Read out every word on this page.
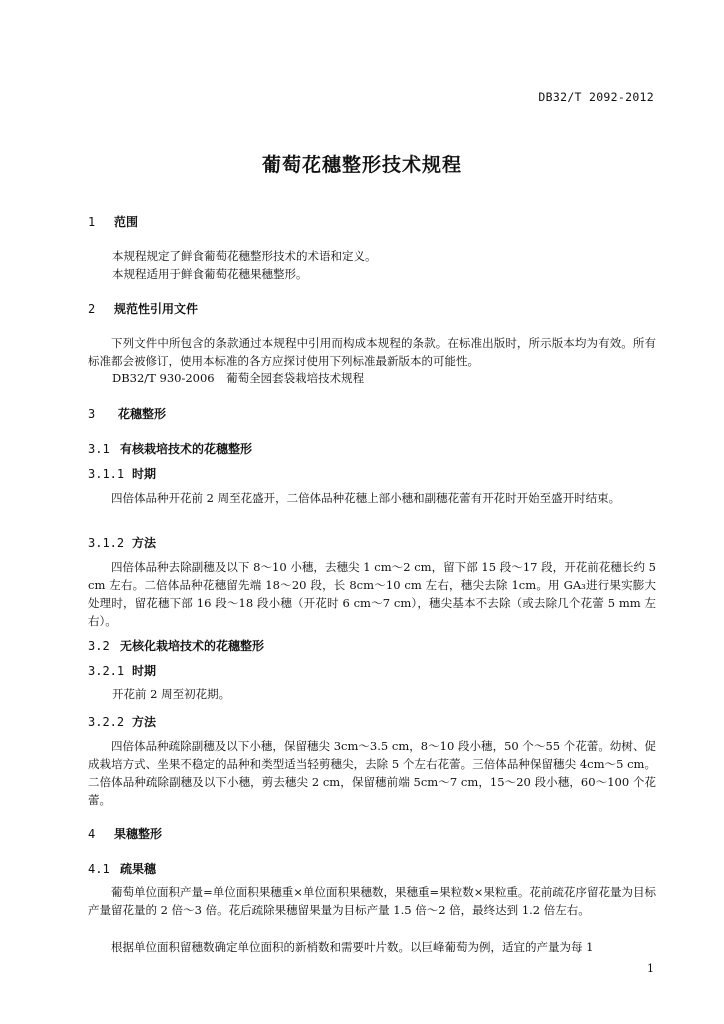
DB32/T 2092-2012
葡萄花穗整形技术规程
1 范围
本规程规定了鲜食葡萄花穗整形技术的术语和定义。
本规程适用于鲜食葡萄花穗果穗整形。
2 规范性引用文件

下列文件中所包含的条款通过本规程中引用而构成本规程的条款。在标准出版时，所示版本均为有效。所有标准都会被修订，使用本标准的各方应探讨使用下列标准最新版本的可能性。

DB32/T 930-2006　葡萄全园套袋栽培技术规程
3 花穗整形
3.1 有核栽培技术的花穗整形
3.1.1 时期

四倍体品种开花前 2 周至花盛开，二倍体品种花穗上部小穗和副穗花蕾有开花时开始至盛开时结束。

3.1.2 方法

四倍体品种去除副穗及以下 8～10 小穗，去穗尖 1 cm～2 cm，留下部 15 段～17 段，开花前花穗长约 5 cm 左右。二倍体品种花穗留先端 18～20 段，长 8cm～10 cm 左右，穗尖去除 1cm。用 GA₃进行果实膨大处理时，留花穗下部 16 段～18 段小穗（开花时 6 cm～7 cm），穗尖基本不去除（或去除几个花蕾 5 mm 左右）。

3.2 无核化栽培技术的花穗整形
3.2.1 时期
开花前 2 周至初花期。
3.2.2 方法

四倍体品种疏除副穗及以下小穗，保留穗尖 3cm～3.5 cm，8～10 段小穗，50 个～55 个花蕾。幼树、促成栽培方式、坐果不稳定的品种和类型适当轻剪穗尖，去除 5 个左右花蕾。三倍体品种保留穗尖 4cm～5 cm。二倍体品种疏除副穗及以下小穗，剪去穗尖 2 cm，保留穗前端 5cm～7 cm，15～20 段小穗，60～100 个花蕾。

4 果穗整形
4.1 疏果穗

葡萄单位面积产量=单位面积果穗重×单位面积果穗数，果穗重=果粒数×果粒重。花前疏花序留花量为目标产量留花量的 2 倍～3 倍。花后疏除果穗留果量为目标产量 1.5 倍～2 倍，最终达到 1.2 倍左右。

根据单位面积留穗数确定单位面积的新梢数和需要叶片数。以巨峰葡萄为例，适宜的产量为每 1

1
